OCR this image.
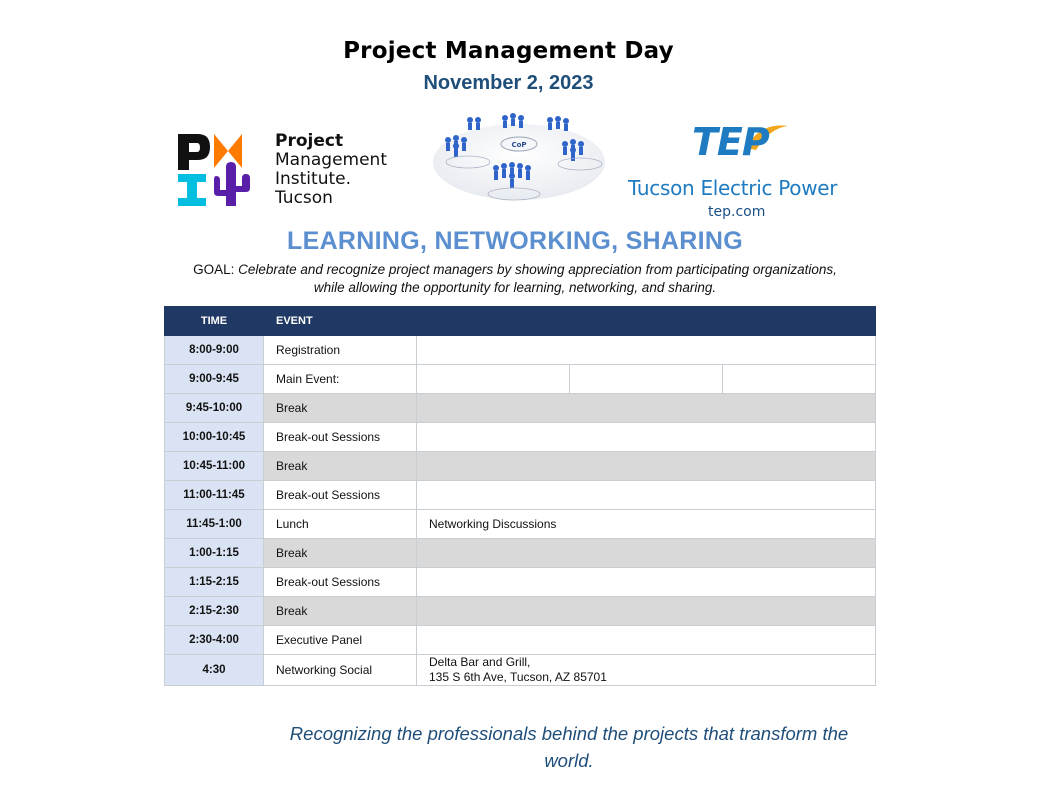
Project Management Day
November 2, 2023
Project
Management
Institute.
Tucson
CoP	TEP
Tucson Electric Power
tep.com
LEARNING, NETWORKING, SHARING
GOAL: Celebrate and recognize project managers by showing appreciation from participating organizations, while allowing the opportunity for learning, networking, and sharing.
TIME	EVENT			
8:00-9:00	Registration			
9:00-9:45	Main Event:			
9:45-10:00	Break			
10:00-10:45	Break-out Sessions			
10:45-11:00	Break			
11:00-11:45	Break-out Sessions			
11:45-1:00	Lunch	Networking Discussions		
1:00-1:15	Break			
1:15-2:15	Break-out Sessions			
2:15-2:30	Break			
2:30-4:00	Executive Panel			
4:30	Networking Social	Delta Bar and Grill,
135 S 6th Ave, Tucson, AZ 85701		
Recognizing the professionals behind the projects that transform the
world.
